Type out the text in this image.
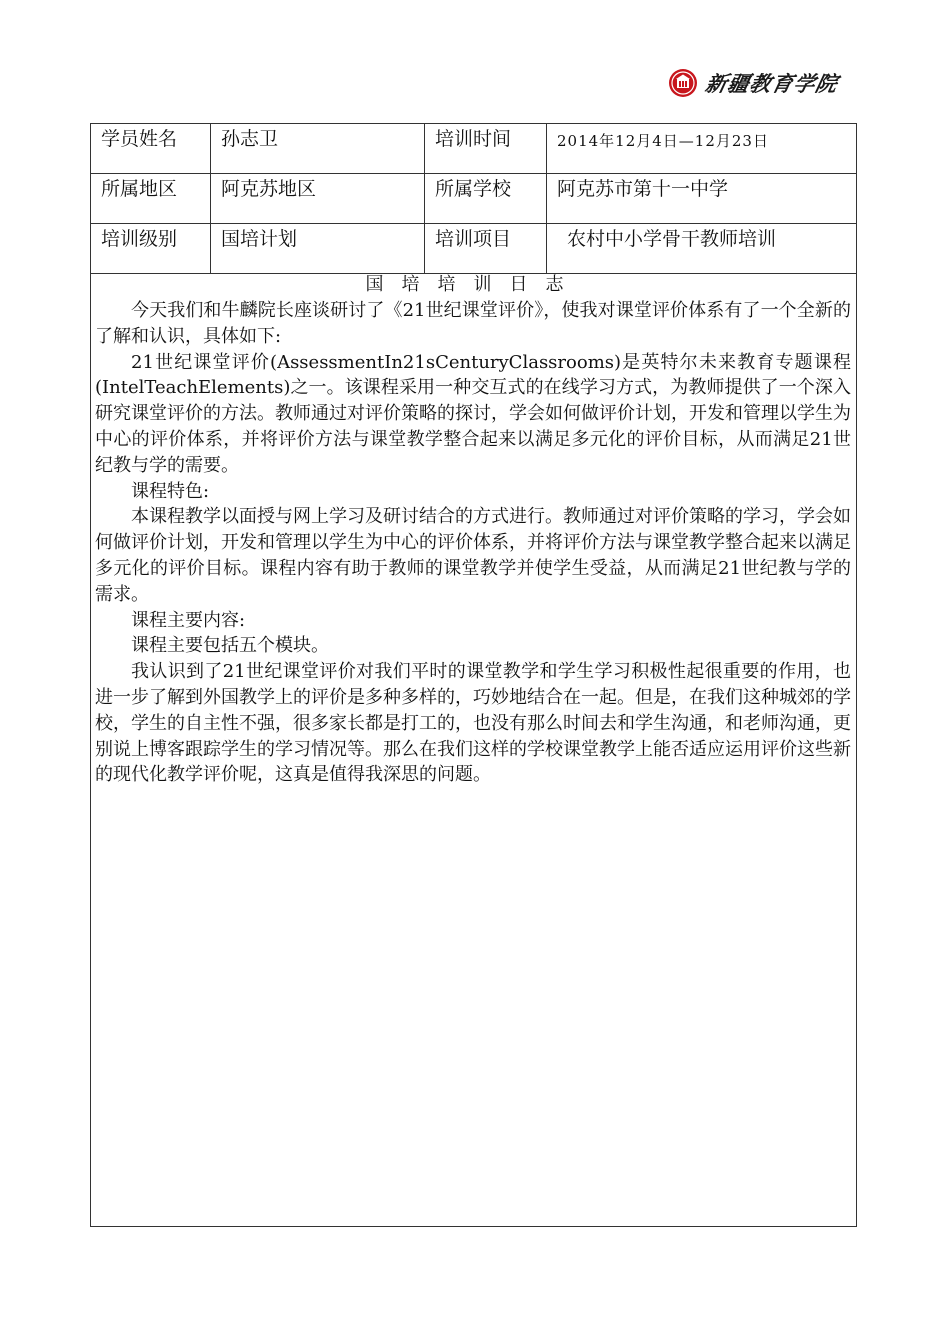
新疆教育学院
学员姓名	孙志卫	培训时间	2014年12月4日—12月23日
所属地区	阿克苏地区	所属学校	阿克苏市第十一中学
培训级别	国培计划	培训项目	农村中小学骨干教师培训
国培培训日志

今天我们和牛麟院长座谈研讨了《21世纪课堂评价》，使我对课堂评价体系有了一个全新的了解和认识，具体如下:

21世纪课堂评价(AssessmentIn21sCenturyClassrooms)是英特尔未来教育专题课程(IntelTeachElements)之一。该课程采用一种交互式的在线学习方式，为教师提供了一个深入研究课堂评价的方法。教师通过对评价策略的探讨，学会如何做评价计划，开发和管理以学生为中心的评价体系，并将评价方法与课堂教学整合起来以满足多元化的评价目标，从而满足21世纪教与学的需要。

课程特色:

本课程教学以面授与网上学习及研讨结合的方式进行。教师通过对评价策略的学习，学会如何做评价计划，开发和管理以学生为中心的评价体系，并将评价方法与课堂教学整合起来以满足多元化的评价目标。课程内容有助于教师的课堂教学并使学生受益，从而满足21世纪教与学的需求。

课程主要内容:

课程主要包括五个模块。

我认识到了21世纪课堂评价对我们平时的课堂教学和学生学习积极性起很重要的作用，也进一步了解到外国教学上的评价是多种多样的，巧妙地结合在一起。但是，在我们这种城郊的学校，学生的自主性不强，很多家长都是打工的，也没有那么时间去和学生沟通，和老师沟通，更别说上博客跟踪学生的学习情况等。那么在我们这样的学校课堂教学上能否适应运用评价这些新的现代化教学评价呢，这真是值得我深思的问题。
